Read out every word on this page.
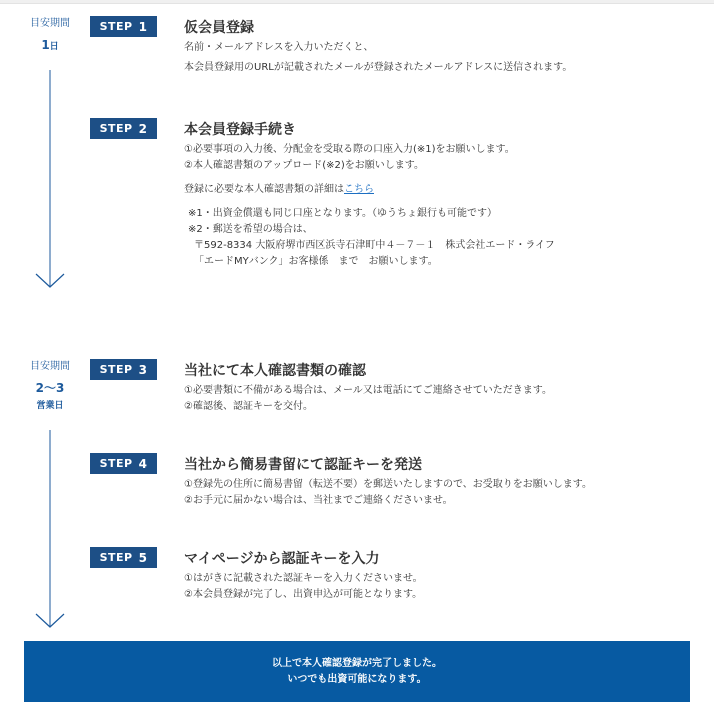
目安期間
1日
目安期間
2〜3
営業日
STEP 1	仮会員登録
名前・メールアドレスを入力いただくと、
本会員登録用のURLが記載されたメールが登録されたメールアドレスに送信されます。
STEP 2	本会員登録手続き
①必要事項の入力後、分配金を受取る際の口座入力(※1)をお願いします。
②本人確認書類のアップロード(※2)をお願いします。
登録に必要な本人確認書類の詳細はこちら
※1・出資金償還も同じ口座となります。（ゆうちょ銀行も可能です）
※2・郵送を希望の場合は、
〒592-8334 大阪府堺市西区浜寺石津町中４－７－１　株式会社エード・ライフ
「エードMYバンク」お客様係　まで　お願いします。
STEP 3	当社にて本人確認書類の確認
①必要書類に不備がある場合は、メール又は電話にてご連絡させていただきます。
②確認後、認証キーを交付。
STEP 4	当社から簡易書留にて認証キーを発送
①登録先の住所に簡易書留（転送不要）を郵送いたしますので、お受取りをお願いします。
②お手元に届かない場合は、当社までご連絡くださいませ。
STEP 5	マイページから認証キーを入力
①はがきに記載された認証キーを入力くださいませ。
②本会員登録が完了し、出資申込が可能となります。
以上で本人確認登録が完了しました。
いつでも出資可能になります。
